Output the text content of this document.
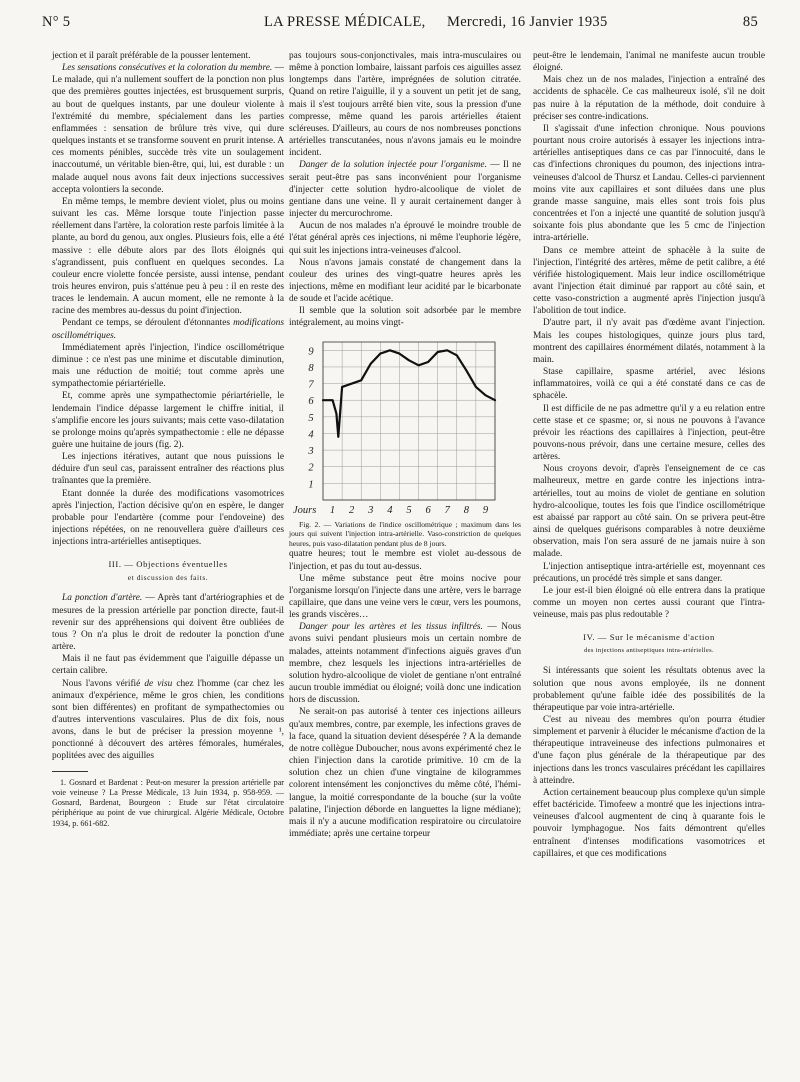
N° 5	LA PRESSE MÉDICALE, Mercredi, 16 Janvier 1935	85

jection et il paraît préférable de la pousser lentement.

Les sensations consécutives et la coloration du membre. — Le malade, qui n'a nullement souffert de la ponction non plus que des premières gouttes injectées, est brusquement surpris, au bout de quelques instants, par une douleur violente à l'extrémité du membre, spécialement dans les parties enflammées : sensation de brûlure très vive, qui dure quelques instants et se transforme souvent en prurit intense. A ces moments pénibles, succède très vite un soulagement inaccoutumé, un véritable bien-être, qui, lui, est durable : un malade auquel nous avons fait deux injections successives accepta volontiers la seconde.

En même temps, le membre devient violet, plus ou moins suivant les cas. Même lorsque toute l'injection passe réellement dans l'artère, la coloration reste parfois limitée à la plante, au bord du genou, aux ongles. Plusieurs fois, elle a été massive : elle débute alors par des îlots éloignés qui s'agrandissent, puis confluent en quelques secondes. La couleur encre violette foncée persiste, aussi intense, pendant trois heures environ, puis s'atténue peu à peu : il en reste des traces le lendemain. A aucun moment, elle ne remonte à la racine des membres au-dessus du point d'injection.

Pendant ce temps, se déroulent d'étonnantes modifications oscillométriques.

Immédiatement après l'injection, l'indice oscillométrique diminue : ce n'est pas une minime et discutable diminution, mais une réduction de moitié; tout comme après une sympathectomie périartérielle.

Et, comme après une sympathectomie périartérielle, le lendemain l'indice dépasse largement le chiffre initial, il s'amplifie encore les jours suivants; mais cette vaso-dilatation se prolonge moins qu'après sympathectomie : elle ne dépasse guère une huitaine de jours (fig. 2).

Les injections itératives, autant que nous puissions le déduire d'un seul cas, paraissent entraîner des réactions plus traînantes que la première.

Etant donnée la durée des modifications vasomotrices après l'injection, l'action décisive qu'on en espère, le danger probable pour l'endartère (comme pour l'endoveine) des injections répétées, on ne renouvellera guère d'ailleurs ces injections intra-artérielles antiseptiques.

III. — Objections éventuelles
et discussion des faits.

La ponction d'artère. — Après tant d'artériographies et de mesures de la pression artérielle par ponction directe, faut-il revenir sur des appréhensions qui doivent être oubliées de tous ? On n'a plus le droit de redouter la ponction d'une artère.

Mais il ne faut pas évidemment que l'aiguille dépasse un certain calibre.

Nous l'avons vérifié de visu chez l'homme (car chez les animaux d'expérience, même le gros chien, les conditions sont bien différentes) en profitant de sympathectomies ou d'autres interventions vasculaires. Plus de dix fois, nous avons, dans le but de préciser la pression moyenne ¹, ponctionné à découvert des artères fémorales, humérales, poplitées avec des aiguilles

1. Gosnard et Bardenat : Peut-on mesurer la pression artérielle par voie veineuse ? La Presse Médicale, 13 Juin 1934, p. 958-959. — Gosnard, Bardenat, Bourgeon : Etude sur l'état circulatoire périphérique au point de vue chirurgical. Algérie Médicale, Octobre 1934, p. 661-682.

pas toujours sous-conjonctivales, mais intra-musculaires ou même à ponction lombaire, laissant parfois ces aiguilles assez longtemps dans l'artère, imprégnées de solution citratée. Quand on retire l'aiguille, il y a souvent un petit jet de sang, mais il s'est toujours arrêté bien vite, sous la pression d'une compresse, même quand les parois artérielles étaient scléreuses. D'ailleurs, au cours de nos nombreuses ponctions artérielles transcutanées, nous n'avons jamais eu le moindre incident.

Danger de la solution injectée pour l'organisme. — Il ne serait peut-être pas sans inconvénient pour l'organisme d'injecter cette solution hydro-alcoolique de violet de gentiane dans une veine. Il y aurait certainement danger à injecter du mercurochrome.

Aucun de nos malades n'a éprouvé le moindre trouble de l'état général après ces injections, ni même l'euphorie légère, qui suit les injections intra-veineuses d'alcool.

Nous n'avons jamais constaté de changement dans la couleur des urines des vingt-quatre heures après les injections, même en modifiant leur acidité par le bicarbonate de soude et l'acide acétique.

Il semble que la solution soit adsorbée par le membre intégralement, au moins vingt-

1
2
3
4
5
6
7
8
9
1 2 3 4 5 6 7 8 9
Jours

Fig. 2. — Variations de l'indice oscillométrique ; maximum dans les jours qui suivent l'injection intra-artérielle. Vaso-constriction de quelques heures, puis vaso-dilatation pendant plus de 8 jours.

quatre heures; tout le membre est violet au-dessous de l'injection, et pas du tout au-dessus.

Une même substance peut être moins nocive pour l'organisme lorsqu'on l'injecte dans une artère, vers le barrage capillaire, que dans une veine vers le cœur, vers les poumons, les grands viscères…

Danger pour les artères et les tissus infiltrés. — Nous avons suivi pendant plusieurs mois un certain nombre de malades, atteints notamment d'infections aiguës graves d'un membre, chez lesquels les injections intra-artérielles de solution hydro-alcoolique de violet de gentiane n'ont entraîné aucun trouble immédiat ou éloigné; voilà donc une indication hors de discussion.

Ne serait-on pas autorisé à tenter ces injections ailleurs qu'aux membres, contre, par exemple, les infections graves de la face, quand la situation devient désespérée ? A la demande de notre collègue Duboucher, nous avons expérimenté chez le chien l'injection dans la carotide primitive. 10 cm de la solution chez un chien d'une vingtaine de kilogrammes colorent intensément les conjonctives du même côté, l'hémi-langue, la moitié correspondante de la bouche (sur la voûte palatine, l'injection déborde en languettes la ligne médiane); mais il n'y a aucune modification respiratoire ou circulatoire immédiate; après une certaine torpeur

peut-être le lendemain, l'animal ne manifeste aucun trouble éloigné.

Mais chez un de nos malades, l'injection a entraîné des accidents de sphacèle. Ce cas malheureux isolé, s'il ne doit pas nuire à la réputation de la méthode, doit conduire à préciser ses contre-indications.

Il s'agissait d'une infection chronique. Nous pouvions pourtant nous croire autorisés à essayer les injections intra-artérielles antiseptiques dans ce cas par l'innocuité, dans le cas d'infections chroniques du poumon, des injections intra-veineuses d'alcool de Thursz et Landau. Celles-ci parviennent moins vite aux capillaires et sont diluées dans une plus grande masse sanguine, mais elles sont trois fois plus concentrées et l'on a injecté une quantité de solution jusqu'à soixante fois plus abondante que les 5 cmc de l'injection intra-artérielle.

Dans ce membre atteint de sphacèle à la suite de l'injection, l'intégrité des artères, même de petit calibre, a été vérifiée histologiquement. Mais leur indice oscillométrique avant l'injection était diminué par rapport au côté sain, et cette vaso-constriction a augmenté après l'injection jusqu'à l'abolition de tout indice.

D'autre part, il n'y avait pas d'œdème avant l'injection. Mais les coupes histologiques, quinze jours plus tard, montrent des capillaires énormément dilatés, notamment à la main.

Stase capillaire, spasme artériel, avec lésions inflammatoires, voilà ce qui a été constaté dans ce cas de sphacèle.

Il est difficile de ne pas admettre qu'il y a eu relation entre cette stase et ce spasme; or, si nous ne pouvons à l'avance prévoir les réactions des capillaires à l'injection, peut-être pouvons-nous prévoir, dans une certaine mesure, celles des artères.

Nous croyons devoir, d'après l'enseignement de ce cas malheureux, mettre en garde contre les injections intra-artérielles, tout au moins de violet de gentiane en solution hydro-alcoolique, toutes les fois que l'indice oscillométrique est abaissé par rapport au côté sain. On se privera peut-être ainsi de quelques guérisons comparables à notre deuxième observation, mais l'on sera assuré de ne jamais nuire à son malade.

L'injection antiseptique intra-artérielle est, moyennant ces précautions, un procédé très simple et sans danger.

Le jour est-il bien éloigné où elle entrera dans la pratique comme un moyen non certes aussi courant que l'intra-veineuse, mais pas plus redoutable ?

IV. — Sur le mécanisme d'action
des injections antiseptiques intra-artérielles.

Si intéressants que soient les résultats obtenus avec la solution que nous avons employée, ils ne donnent probablement qu'une faible idée des possibilités de la thérapeutique par voie intra-artérielle.

C'est au niveau des membres qu'on pourra étudier simplement et parvenir à élucider le mécanisme d'action de la thérapeutique intraveineuse des infections pulmonaires et d'une façon plus générale de la thérapeutique par des injections dans les troncs vasculaires précédant les capillaires à atteindre.

Action certainement beaucoup plus complexe qu'un simple effet bactéricide. Timofeew a montré que les injections intra-veineuses d'alcool augmentent de cinq à quarante fois le pouvoir lymphagogue. Nos faits démontrent qu'elles entraînent d'intenses modifications vasomotrices et capillaires, et que ces modifications
